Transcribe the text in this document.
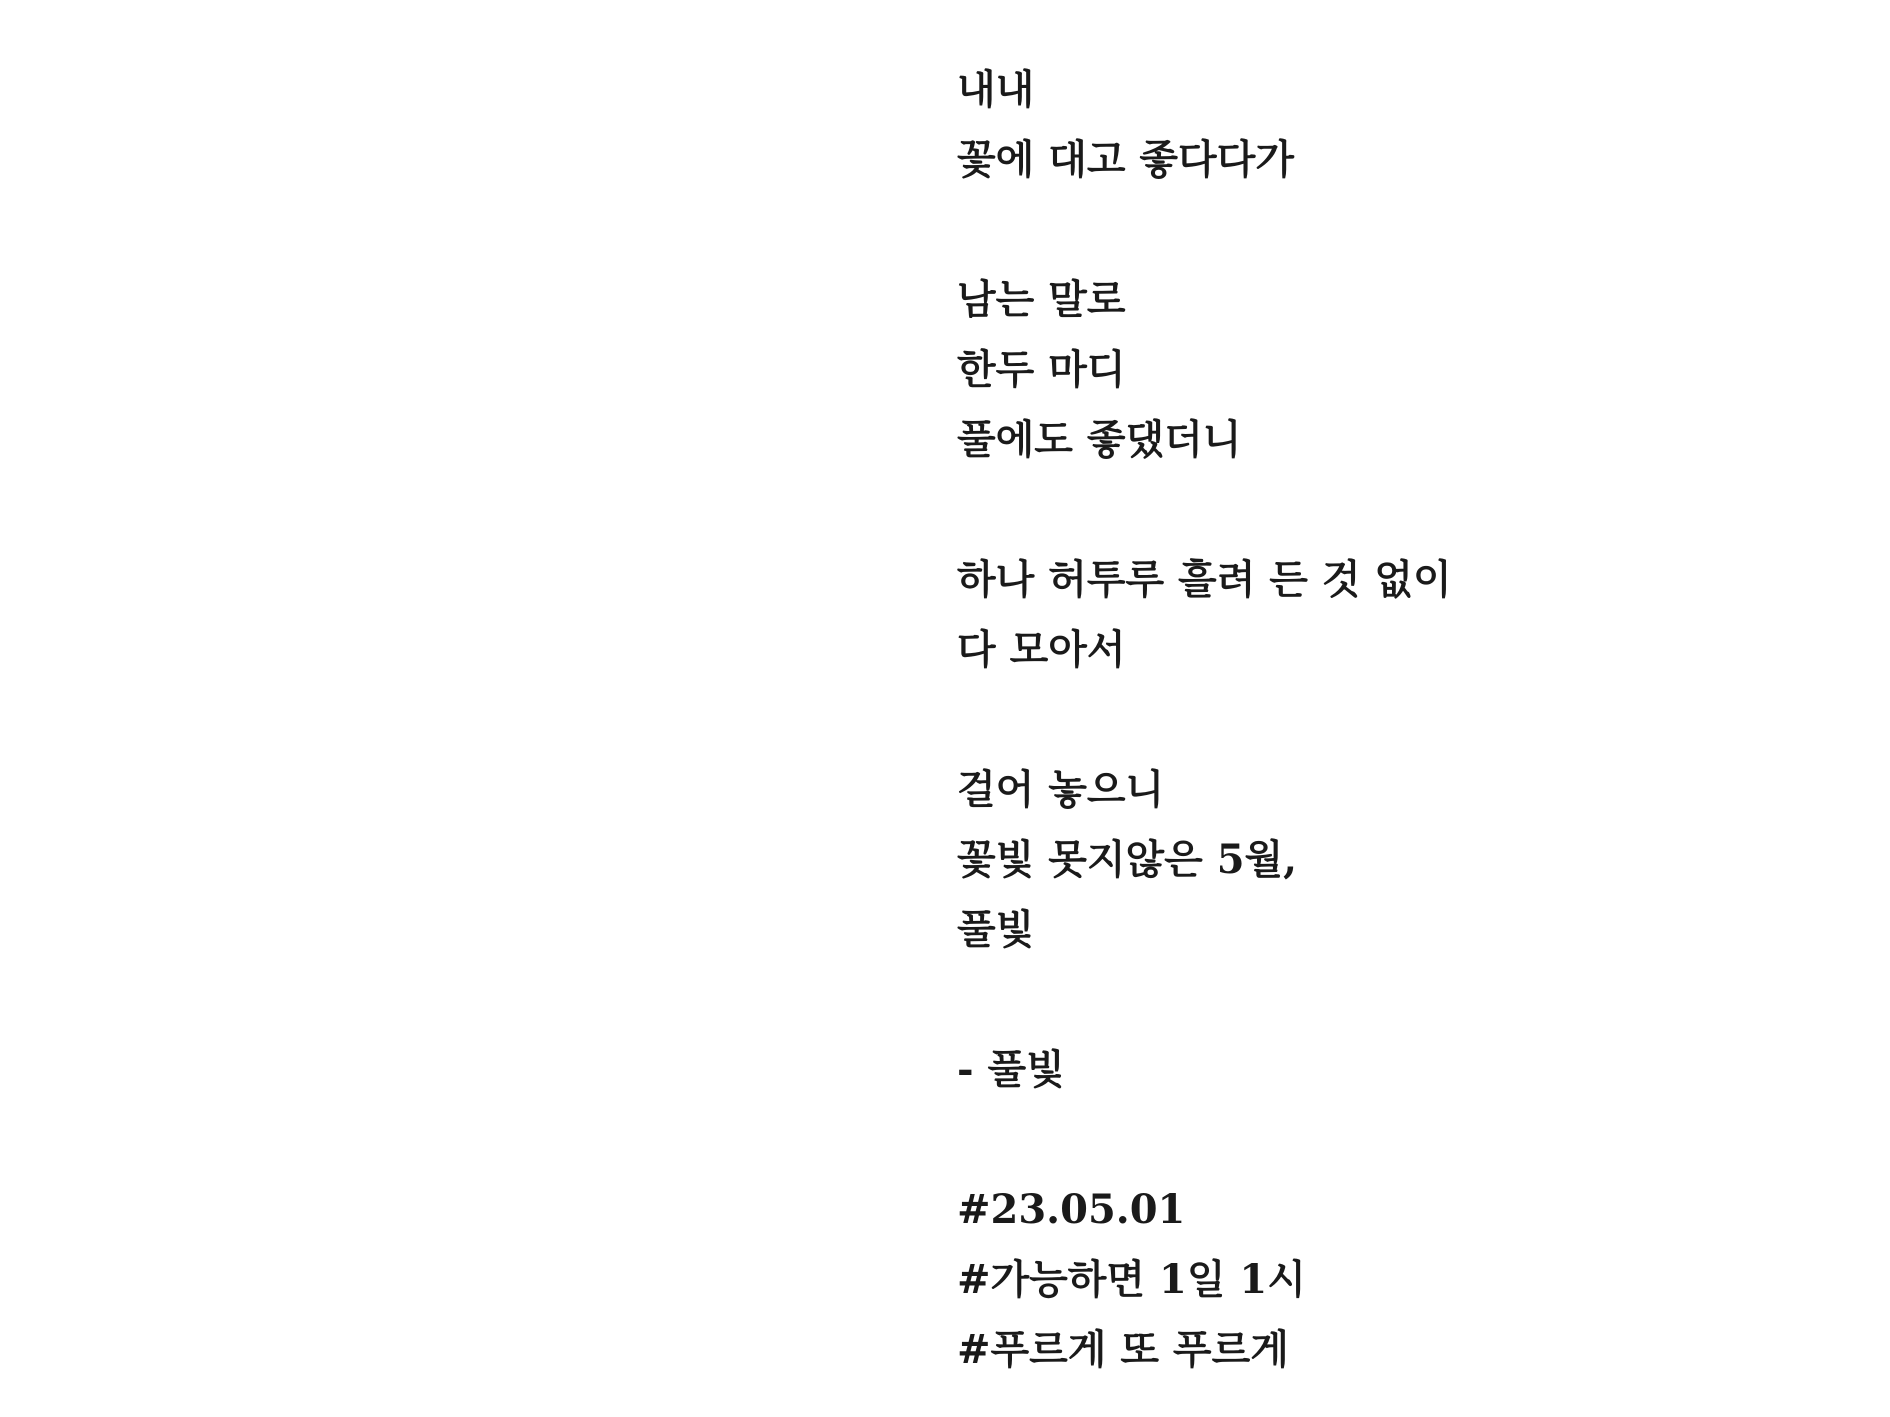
내내
꽃에 대고 좋다다가
남는 말로
한두 마디
풀에도 좋댔더니
하나 허투루 흘려 든 것 없이
다 모아서
걸어 놓으니
꽃빛 못지않은 5월,
풀빛
- 풀빛
#23.05.01
#가능하면 1일 1시
#푸르게 또 푸르게
